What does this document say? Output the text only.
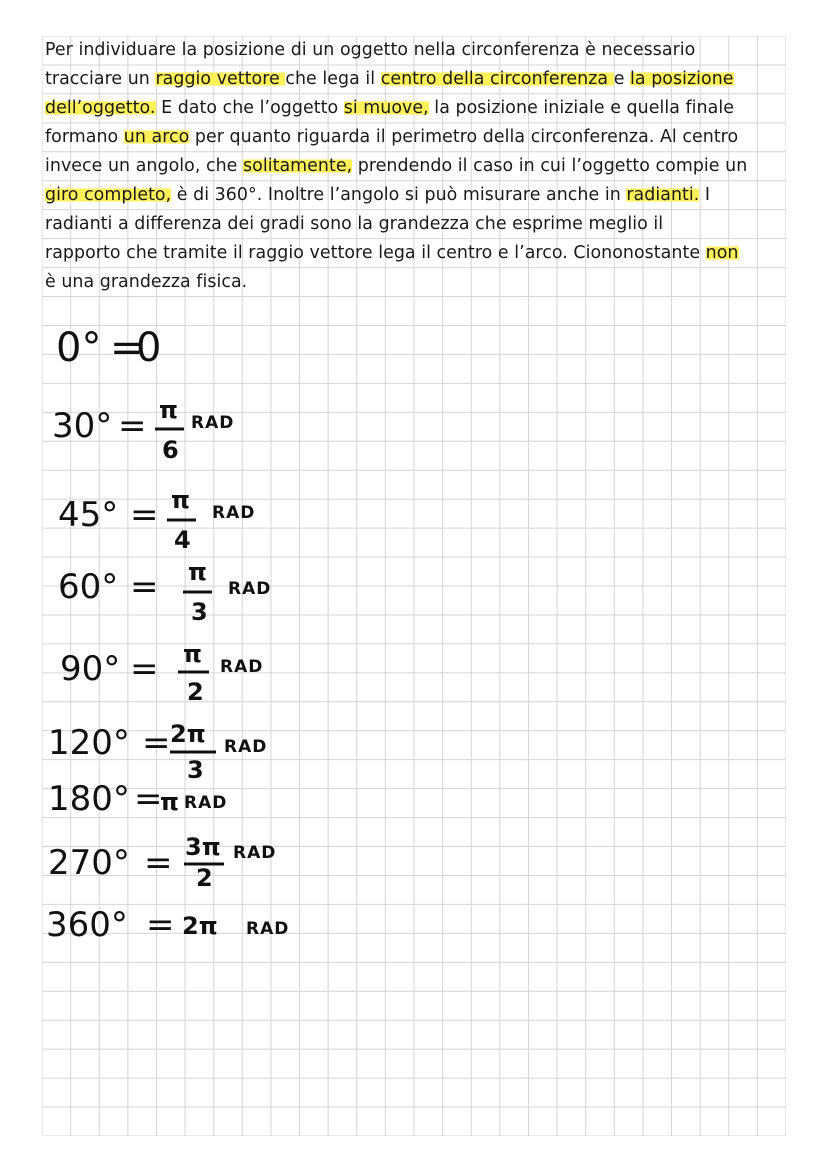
Per individuare la posizione di un oggetto nella circonferenza è necessario
tracciare un raggio vettore che lega il centro della circonferenza e la posizione
dell’oggetto. E dato che l’oggetto si muove, la posizione iniziale e quella finale
formano un arco per quanto riguarda il perimetro della circonferenza. Al centro
invece un angolo, che solitamente, prendendo il caso in cui l’oggetto compie un
giro completo, è di 360°. Inoltre l’angolo si può misurare anche in radianti. I
radianti a differenza dei gradi sono la grandezza che esprime meglio il
rapporto che tramite il raggio vettore lega il centro e l’arco. Ciononostante non
è una grandezza fisica.
0° =
0
30° = π
6
RAD
45° = π
4
RAD
60° = π
3
RAD
90° = π
2
RAD
120° = 2π
3
RAD
180° =
π RAD
270° = 3π
2
RAD
360° = 2π RAD
